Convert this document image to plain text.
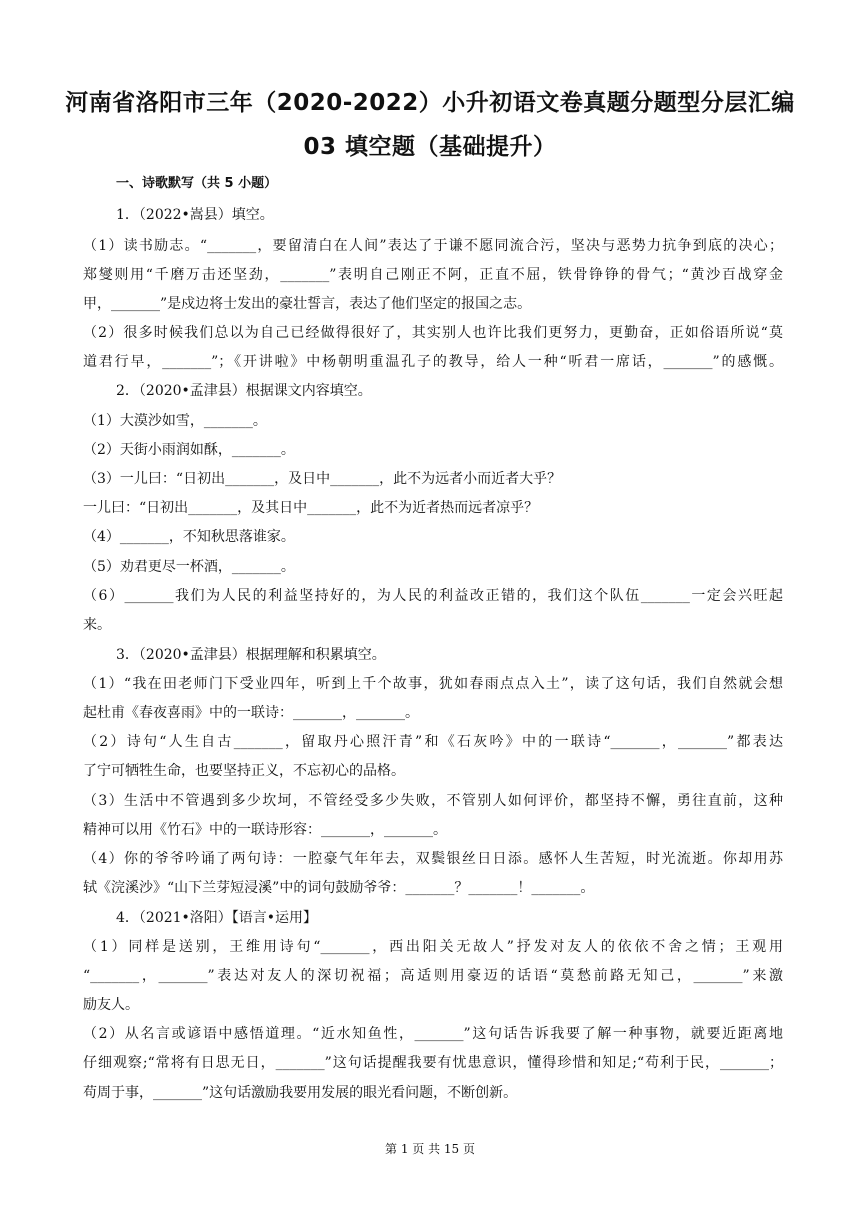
河南省洛阳市三年（2020-2022）小升初语文卷真题分题型分层汇编
03 填空题（基础提升）
一、诗歌默写（共 5 小题）
1．（2022•嵩县）填空。
（1）读书励志。“_______，要留清白在人间”表达了于谦不愿同流合污，坚决与恶势力抗争到底的决心；
郑燮则用“千磨万击还坚劲，_______”表明自己刚正不阿，正直不屈，铁骨铮铮的骨气；“黄沙百战穿金
甲，_______”是戍边将士发出的豪壮誓言，表达了他们坚定的报国之志。
（2）很多时候我们总以为自己已经做得很好了，其实别人也许比我们更努力，更勤奋，正如俗语所说“莫
道君行早，_______”；《开讲啦》中杨朝明重温孔子的教导，给人一种“听君一席话，_______”的感慨。
2．（2020•孟津县）根据课文内容填空。
（1）大漠沙如雪，_______。
（2）天街小雨润如酥，_______。
（3）一儿曰：“日初出_______，及日中_______，此不为远者小而近者大乎？
一儿曰：“日初出_______，及其日中_______，此不为近者热而远者凉乎？
（4）_______，不知秋思落谁家。
（5）劝君更尽一杯酒，_______。
（6）_______我们为人民的利益坚持好的，为人民的利益改正错的，我们这个队伍_______一定会兴旺起
来。
3．（2020•孟津县）根据理解和积累填空。
（1）“我在田老师门下受业四年，听到上千个故事，犹如春雨点点入土”，读了这句话，我们自然就会想
起杜甫《春夜喜雨》中的一联诗：_______，_______。
（2）诗句“人生自古_______，留取丹心照汗青”和《石灰吟》中的一联诗“_______，_______”都表达
了宁可牺牲生命，也要坚持正义，不忘初心的品格。
（3）生活中不管遇到多少坎坷，不管经受多少失败，不管别人如何评价，都坚持不懈，勇往直前，这种
精神可以用《竹石》中的一联诗形容：_______，_______。
（4）你的爷爷吟诵了两句诗：一腔豪气年年去，双鬓银丝日日添。感怀人生苦短，时光流逝。你却用苏
轼《浣溪沙》“山下兰芽短浸溪”中的词句鼓励爷爷：_______？_______！_______。
4．（2021•洛阳）【语言•运用】
（1）同样是送别，王维用诗句“_______，西出阳关无故人”抒发对友人的依依不舍之情；王观用
“_______，_______”表达对友人的深切祝福；高适则用豪迈的话语“莫愁前路无知己，_______”来激
励友人。
（2）从名言或谚语中感悟道理。“近水知鱼性，_______”这句话告诉我要了解一种事物，就要近距离地
仔细观察;“常将有日思无日，_______”这句话提醒我要有忧患意识，懂得珍惜和知足;“苟利于民，_______；
苟周于事，_______”这句话激励我要用发展的眼光看问题，不断创新。
第 1 页 共 15 页
